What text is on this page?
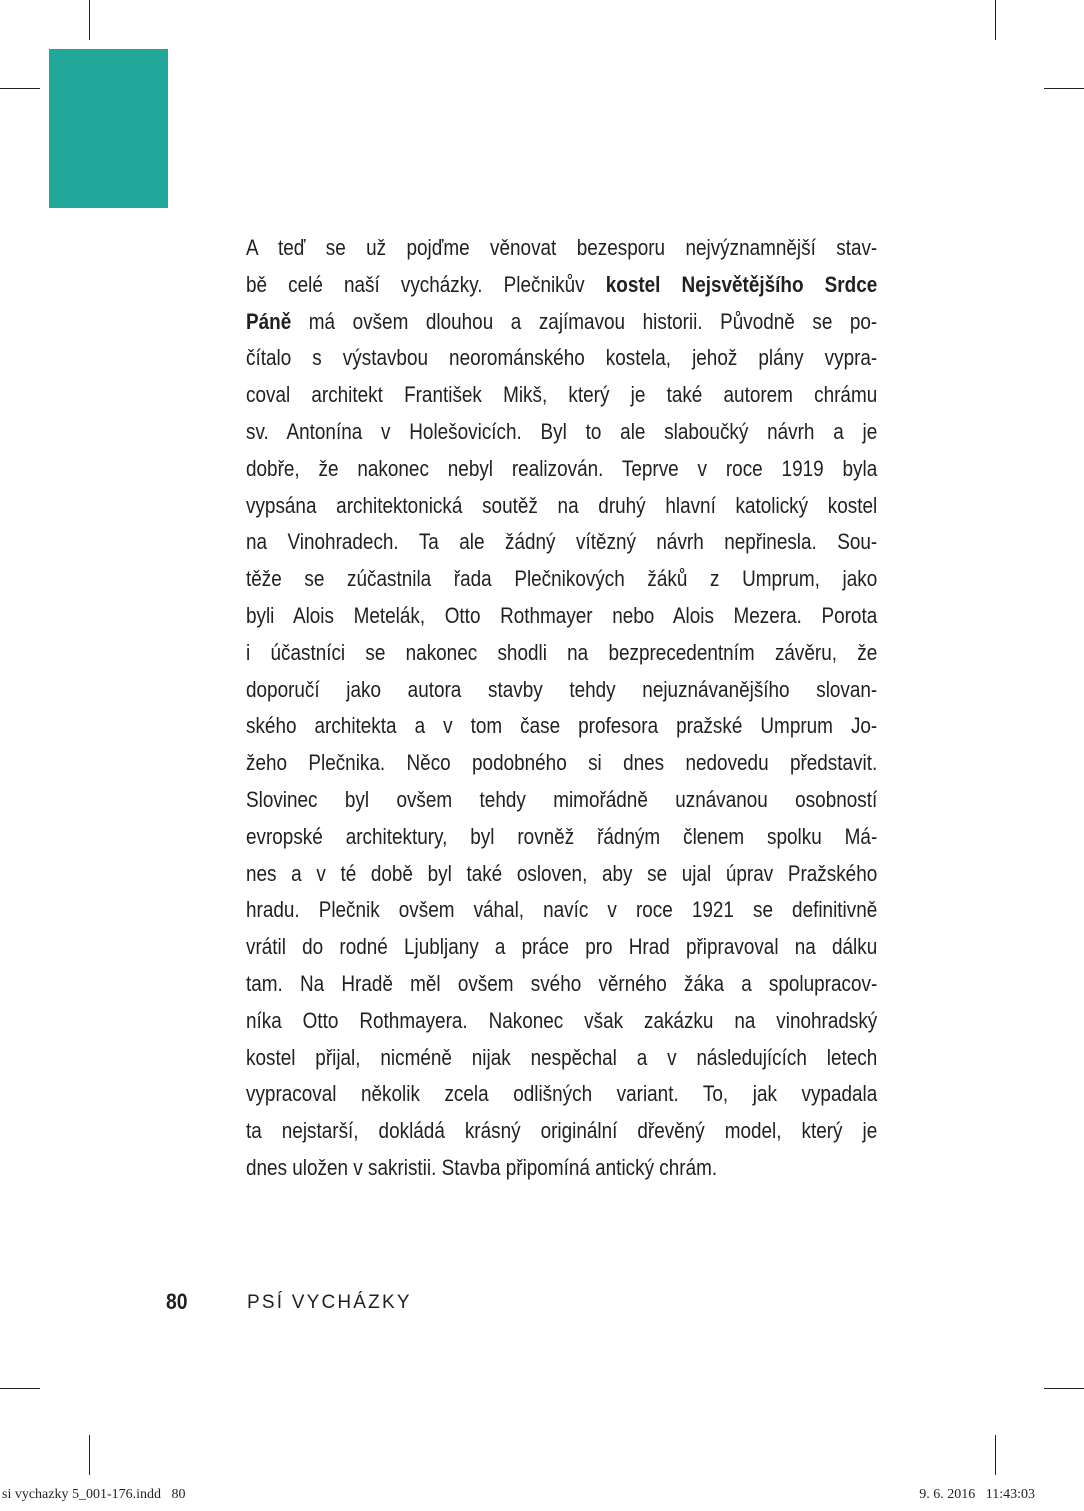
A teď se už pojďme věnovat bezesporu nejvýznamnější stav-
bě celé naší vycházky. Plečnikův kostel Nejsvětějšího Srdce
Páně má ovšem dlouhou a zajímavou historii. Původně se po-
čítalo s výstavbou neorománského kostela, jehož plány vypra-
coval architekt František Mikš, který je také autorem chrámu
sv. Antonína v Holešovicích. Byl to ale slaboučký návrh a je
dobře, že nakonec nebyl realizován. Teprve v roce 1919 byla
vypsána architektonická soutěž na druhý hlavní katolický kostel
na Vinohradech. Ta ale žádný vítězný návrh nepřinesla. Sou-
těže se zúčastnila řada Plečnikových žáků z Umprum, jako
byli Alois Metelák, Otto Rothmayer nebo Alois Mezera. Porota
i účastníci se nakonec shodli na bezprecedentním závěru, že
doporučí jako autora stavby tehdy nejuznávanějšího slovan-
ského architekta a v tom čase profesora pražské Umprum Jo-
žeho Plečnika. Něco podobného si dnes nedovedu představit.
Slovinec byl ovšem tehdy mimořádně uznávanou osobností
evropské architektury, byl rovněž řádným členem spolku Má-
nes a v té době byl také osloven, aby se ujal úprav Pražského
hradu. Plečnik ovšem váhal, navíc v roce 1921 se definitivně
vrátil do rodné Ljubljany a práce pro Hrad připravoval na dálku
tam. Na Hradě měl ovšem svého věrného žáka a spolupracov-
níka Otto Rothmayera. Nakonec však zakázku na vinohradský
kostel přijal, nicméně nijak nespěchal a v následujících letech
vypracoval několik zcela odlišných variant. To, jak vypadala
ta nejstarší, dokládá krásný originální dřevěný model, který je
dnes uložen v sakristii. Stavba připomíná antický chrám.
80	PSÍ VYCHÁZKY
si vychazky 5_001-176.indd   80	9. 6. 2016   11:43:03
